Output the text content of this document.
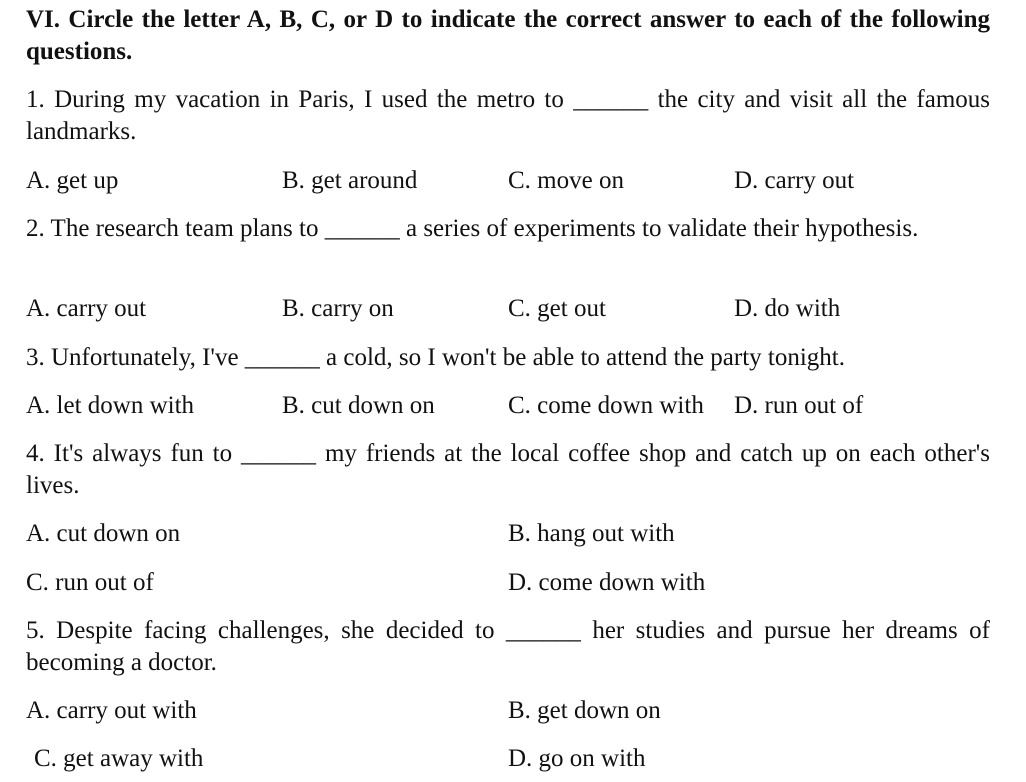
VI. Circle the letter A, B, C, or D to indicate the correct answer to each of the following questions.
1. During my vacation in Paris, I used the metro to ______ the city and visit all the famous landmarks.
A. get up	B. get around	C. move on	D. carry out
2. The research team plans to ______ a series of experiments to validate their hypothesis.
A. carry out	B. carry on	C. get out	D. do with
3. Unfortunately, I've ______ a cold, so I won't be able to attend the party tonight.
A. let down with	B. cut down on	C. come down with D. run out of
4. It's always fun to ______ my friends at the local coffee shop and catch up on each other's lives.
A. cut down on	B. hang out with
C. run out of	D. come down with
5. Despite facing challenges, she decided to ______ her studies and pursue her dreams of becoming a doctor.
A. carry out with	B. get down on
C. get away with	D. go on with
